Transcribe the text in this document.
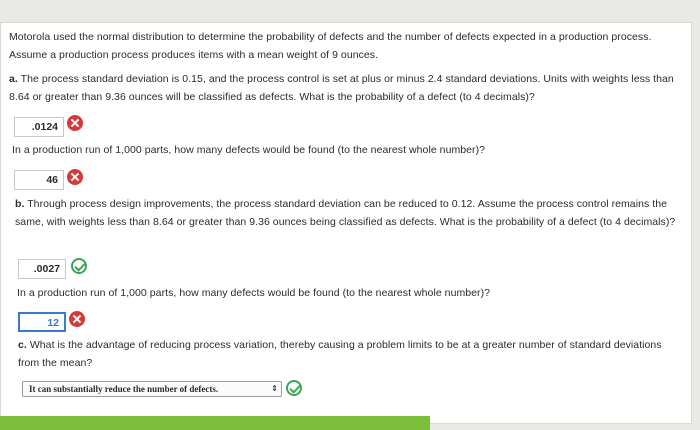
Motorola used the normal distribution to determine the probability of defects and the number of defects expected in a production process. Assume a production process produces items with a mean weight of 9 ounces.
a. The process standard deviation is 0.15, and the process control is set at plus or minus 2.4 standard deviations. Units with weights less than 8.64 or greater than 9.36 ounces will be classified as defects. What is the probability of a defect (to 4 decimals)?
.0124
In a production run of 1,000 parts, how many defects would be found (to the nearest whole number)?
46
b. Through process design improvements, the process standard deviation can be reduced to 0.12. Assume the process control remains the same, with weights less than 8.64 or greater than 9.36 ounces being classified as defects. What is the probability of a defect (to 4 decimals)?
.0027
In a production run of 1,000 parts, how many defects would be found (to the nearest whole number)?
12
c. What is the advantage of reducing process variation, thereby causing a problem limits to be at a greater number of standard deviations from the mean?
It can substantially reduce the number of defects.	⇕
